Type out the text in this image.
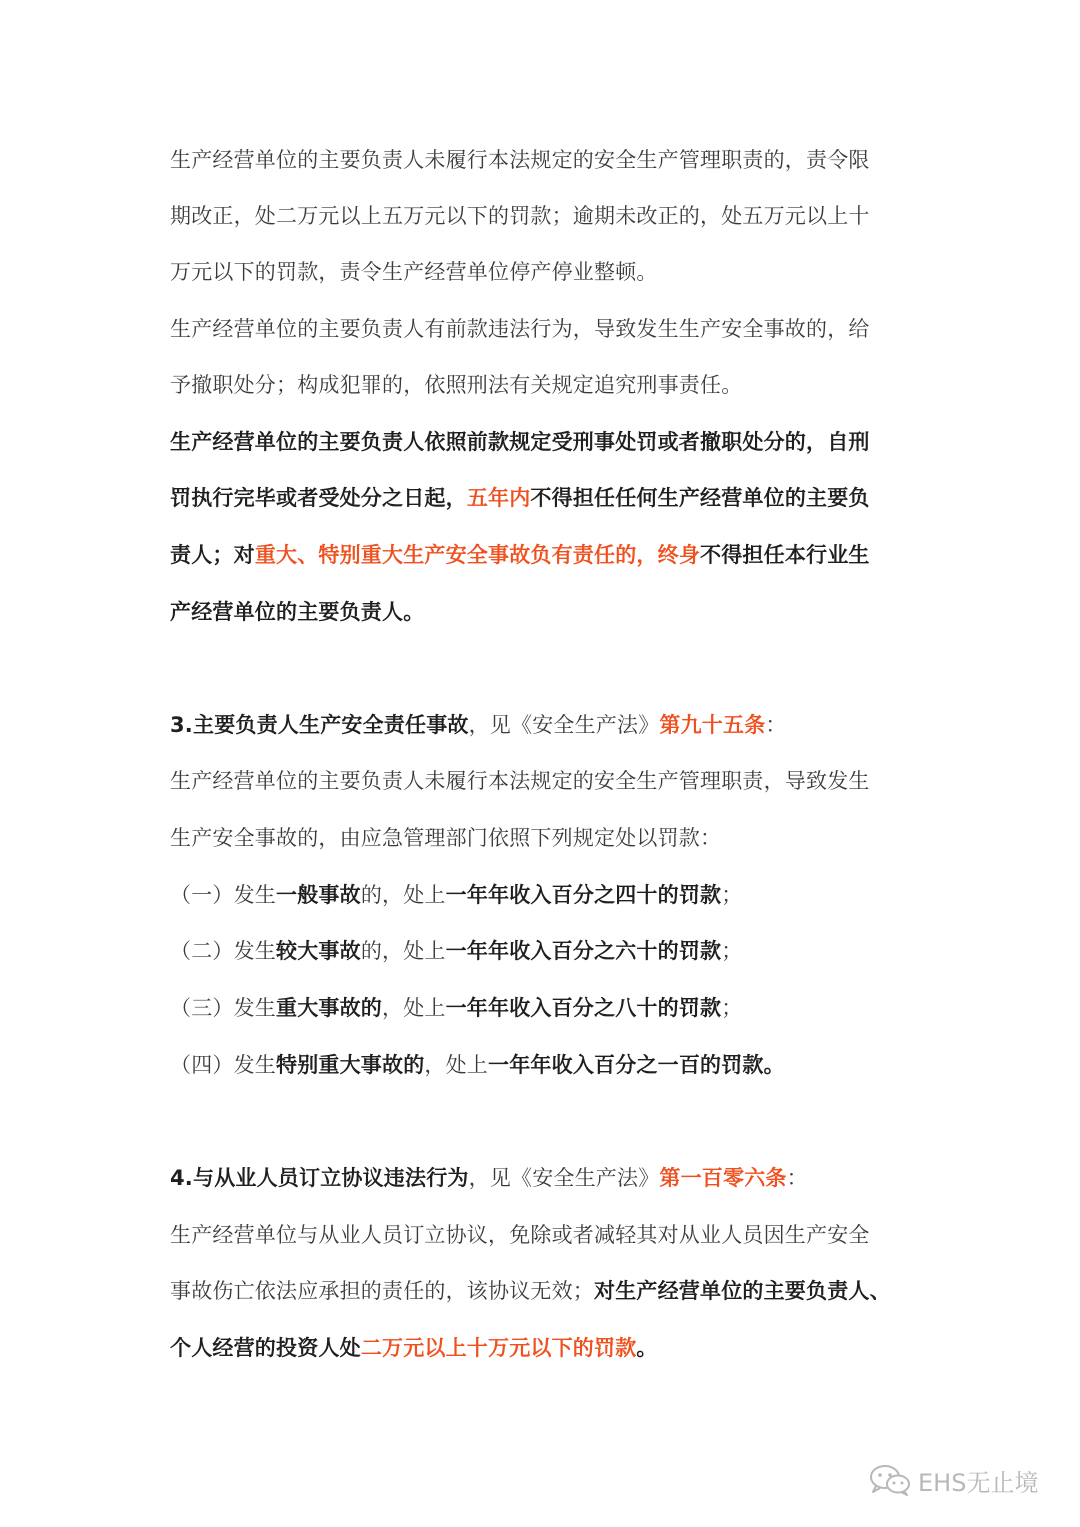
生产经营单位的主要负责人未履行本法规定的安全生产管理职责的，责令限
期改正，处二万元以上五万元以下的罚款；逾期未改正的，处五万元以上十
万元以下的罚款，责令生产经营单位停产停业整顿。
生产经营单位的主要负责人有前款违法行为，导致发生生产安全事故的，给
予撤职处分；构成犯罪的，依照刑法有关规定追究刑事责任。
生产经营单位的主要负责人依照前款规定受刑事处罚或者撤职处分的，自刑
罚执行完毕或者受处分之日起，五年内不得担任任何生产经营单位的主要负
责人；对重大、特别重大生产安全事故负有责任的，终身不得担任本行业生
产经营单位的主要负责人。
3.主要负责人生产安全责任事故，见《安全生产法》第九十五条：
生产经营单位的主要负责人未履行本法规定的安全生产管理职责，导致发生
生产安全事故的，由应急管理部门依照下列规定处以罚款：
（一）发生一般事故的，处上一年年收入百分之四十的罚款；
（二）发生较大事故的，处上一年年收入百分之六十的罚款；
（三）发生重大事故的，处上一年年收入百分之八十的罚款；
（四）发生特别重大事故的，处上一年年收入百分之一百的罚款。
4.与从业人员订立协议违法行为，见《安全生产法》第一百零六条：
生产经营单位与从业人员订立协议，免除或者减轻其对从业人员因生产安全
事故伤亡依法应承担的责任的，该协议无效；对生产经营单位的主要负责人、
个人经营的投资人处二万元以上十万元以下的罚款。
EHS无止境
